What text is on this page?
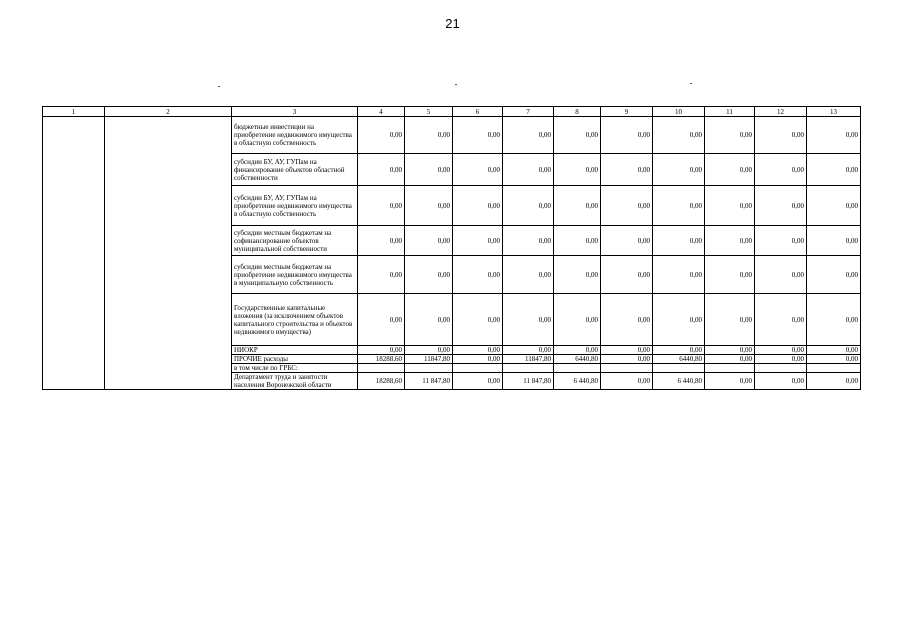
21
1	2	3	4	5	6	7	8	9	10	11	12	13
		бюджетные инвестиции на приобретение недвижимого имущества в областную собственность	0,00	0,00	0,00	0,00	0,00	0,00	0,00	0,00	0,00	0,00
		субсидии БУ, АУ, ГУПам на финансирование объектов областной собственности	0,00	0,00	0,00	0,00	0,00	0,00	0,00	0,00	0,00	0,00
		субсидии БУ, АУ, ГУПам на приобретение недвижимого имущества в областную собственность	0,00	0,00	0,00	0,00	0,00	0,00	0,00	0,00	0,00	0,00
		субсидии местным бюджетам на софинансирование объектов муниципальной собственности	0,00	0,00	0,00	0,00	0,00	0,00	0,00	0,00	0,00	0,00
		субсидии местным бюджетам на приобретение недвижимого имущества в муниципальную собственность	0,00	0,00	0,00	0,00	0,00	0,00	0,00	0,00	0,00	0,00
		Государственные капитальные вложения (за исключением объектов капитального строительства и объектов недвижимого имущества)	0,00	0,00	0,00	0,00	0,00	0,00	0,00	0,00	0,00	0,00
		НИОКР	0,00	0,00	0,00	0,00	0,00	0,00	0,00	0,00	0,00	0,00
		ПРОЧИЕ расходы	18288,60	11847,80	0,00	11847,80	6440,80	0,00	6440,80	0,00	0,00	0,00
		в том числе по ГРБС:										
		Департамент труда и занятости населения Воронежской области	18288,60	11 847,80	0,00	11 847,80	6 440,80	0,00	6 440,80	0,00	0,00	0,00
